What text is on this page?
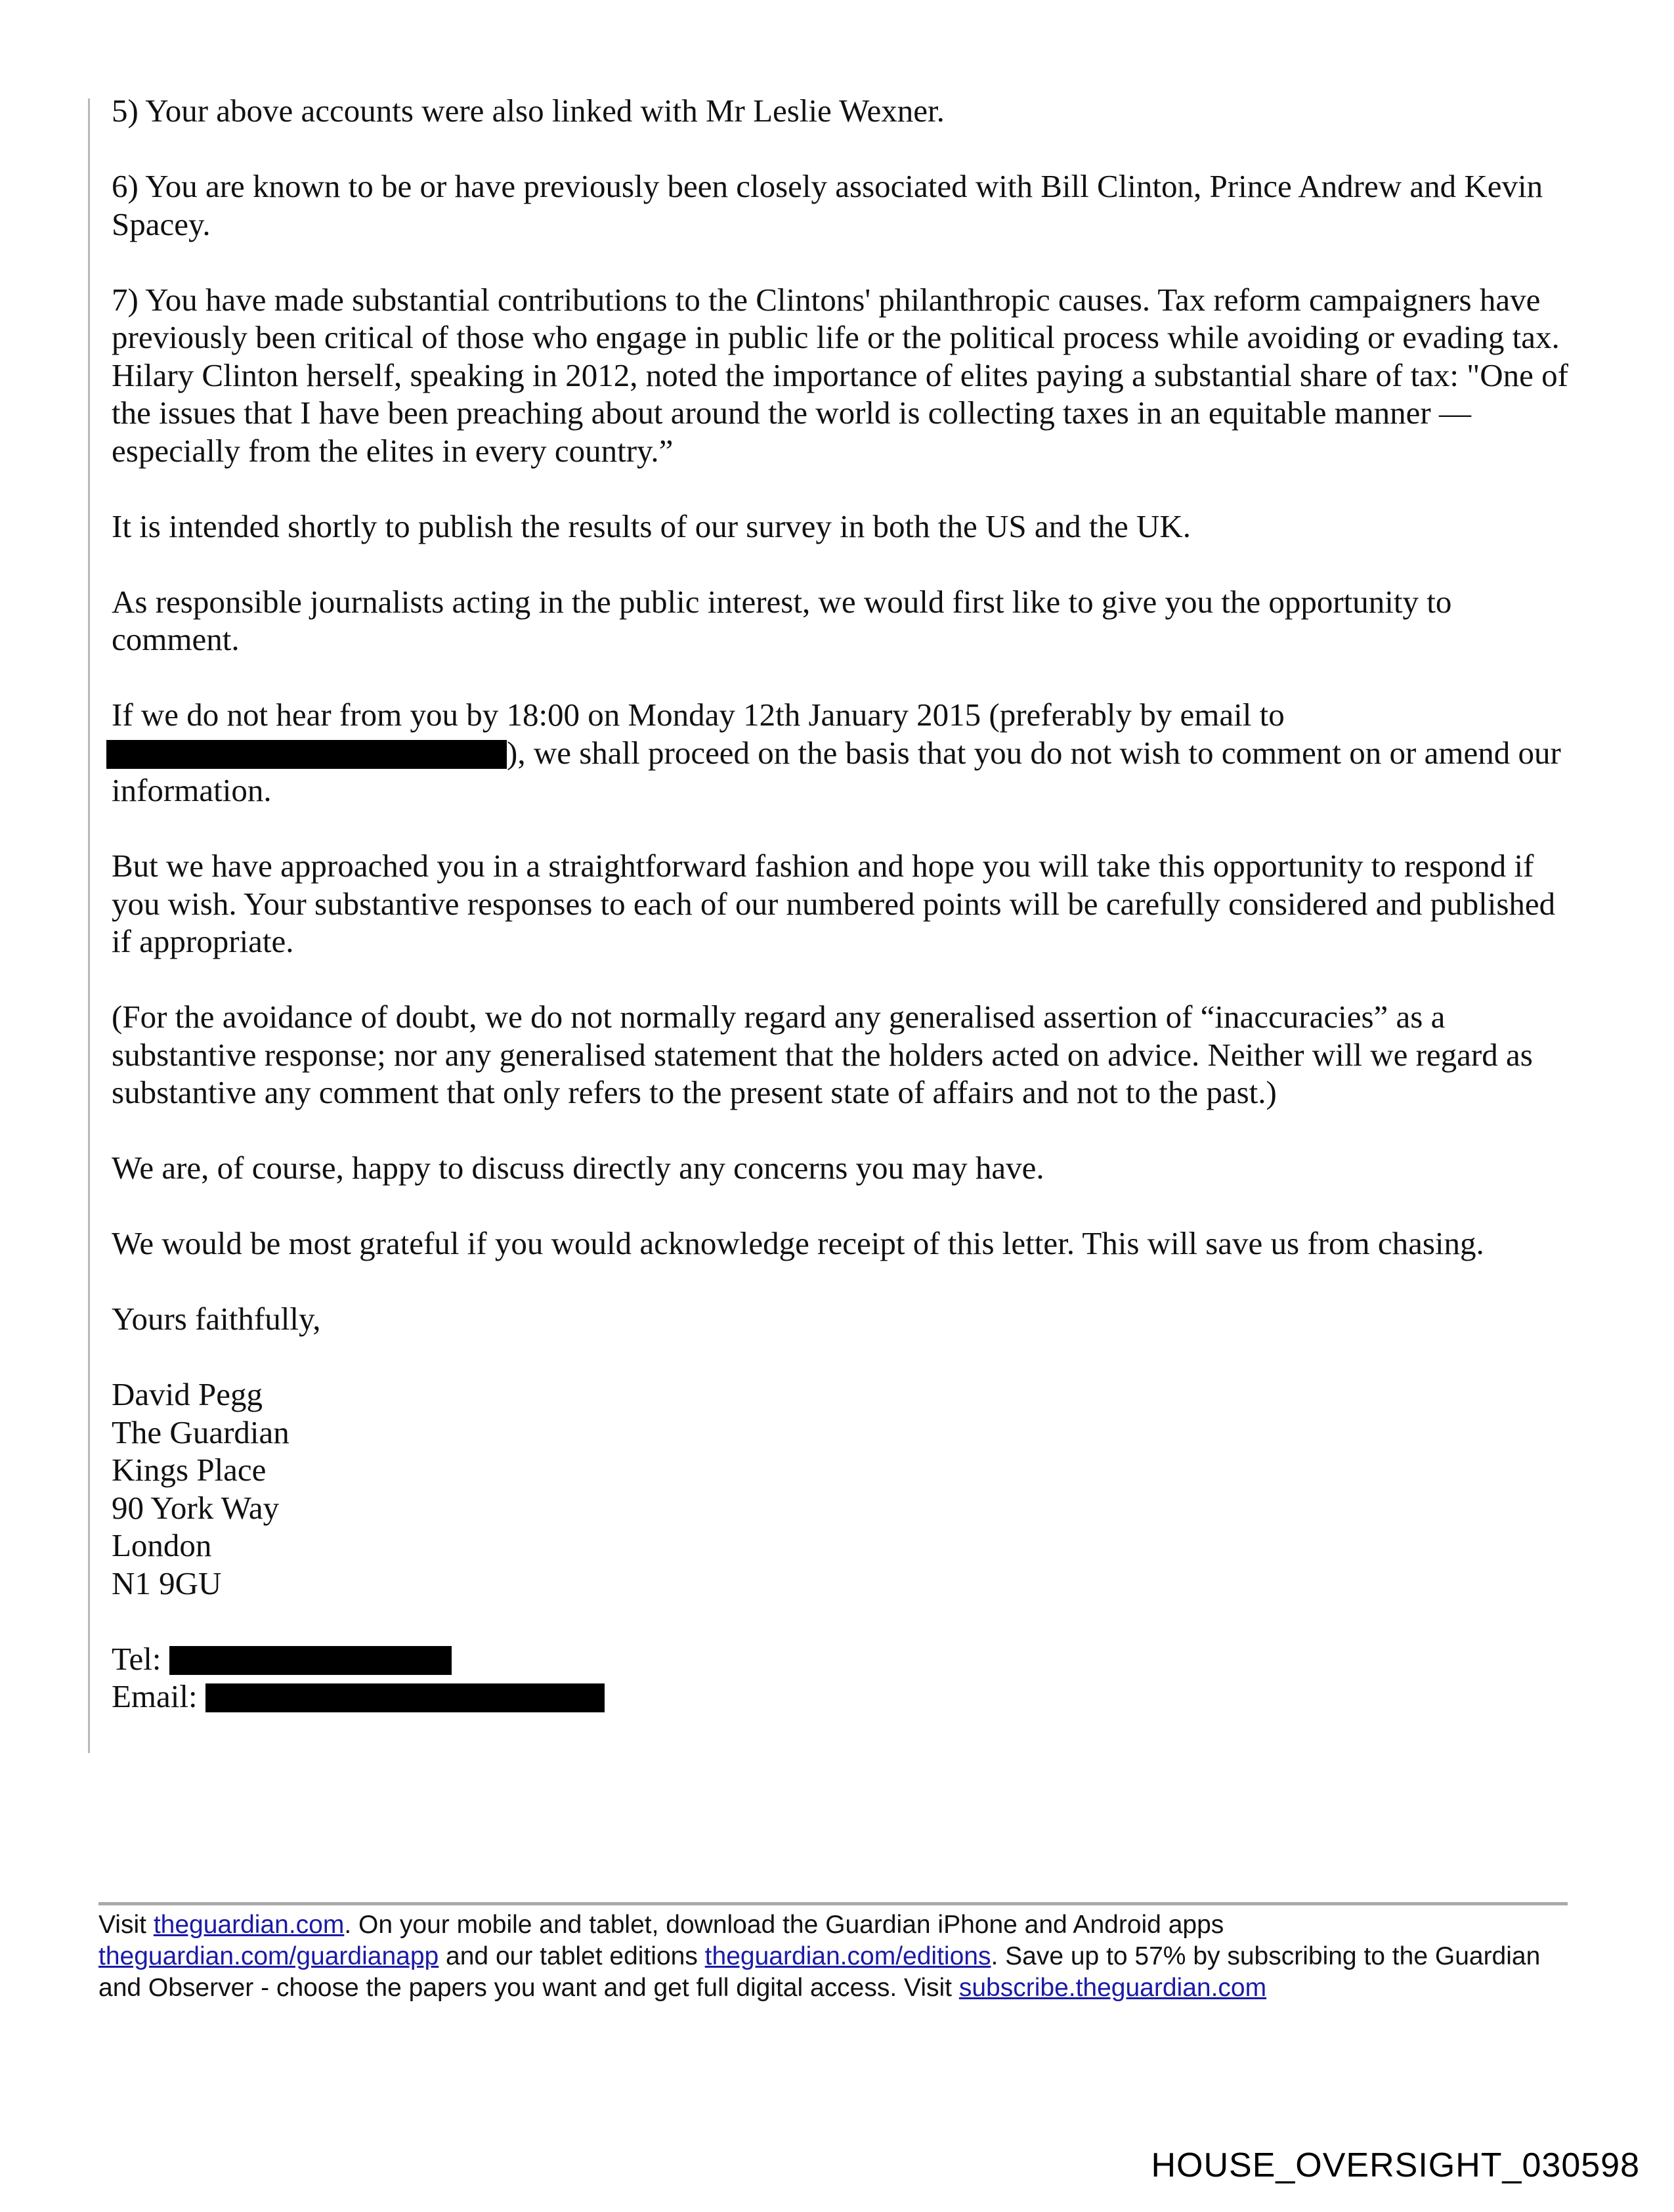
5) Your above accounts were also linked with Mr Leslie Wexner.

6) You are known to be or have previously been closely associated with Bill Clinton, Prince Andrew and Kevin Spacey.

7) You have made substantial contributions to the Clintons' philanthropic causes. Tax reform campaigners have previously been critical of those who engage in public life or the political process while avoiding or evading tax. Hilary Clinton herself, speaking in 2012, noted the importance of elites paying a substantial share of tax: "One of the issues that I have been preaching about around the world is collecting taxes in an equitable manner — especially from the elites in every country.”

It is intended shortly to publish the results of our survey in both the US and the UK.

As responsible journalists acting in the public interest, we would first like to give you the opportunity to comment.

If we do not hear from you by 18:00 on Monday 12th January 2015 (preferably by email to
), we shall proceed on the basis that you do not wish to comment on or amend our information.

But we have approached you in a straightforward fashion and hope you will take this opportunity to respond if you wish. Your substantive responses to each of our numbered points will be carefully considered and published if appropriate.

(For the avoidance of doubt, we do not normally regard any generalised assertion of “inaccuracies” as a substantive response; nor any generalised statement that the holders acted on advice. Neither will we regard as substantive any comment that only refers to the present state of affairs and not to the past.)

We are, of course, happy to discuss directly any concerns you may have.

We would be most grateful if you would acknowledge receipt of this letter. This will save us from chasing.

Yours faithfully,

David Pegg
The Guardian
Kings Place
90 York Way
London
N1 9GU

Tel:
Email:

Visit theguardian.com. On your mobile and tablet, download the Guardian iPhone and Android apps
theguardian.com/guardianapp and our tablet editions theguardian.com/editions. Save up to 57% by subscribing to the Guardian and Observer - choose the papers you want and get full digital access. Visit subscribe.theguardian.com
HOUSE_OVERSIGHT_030598
